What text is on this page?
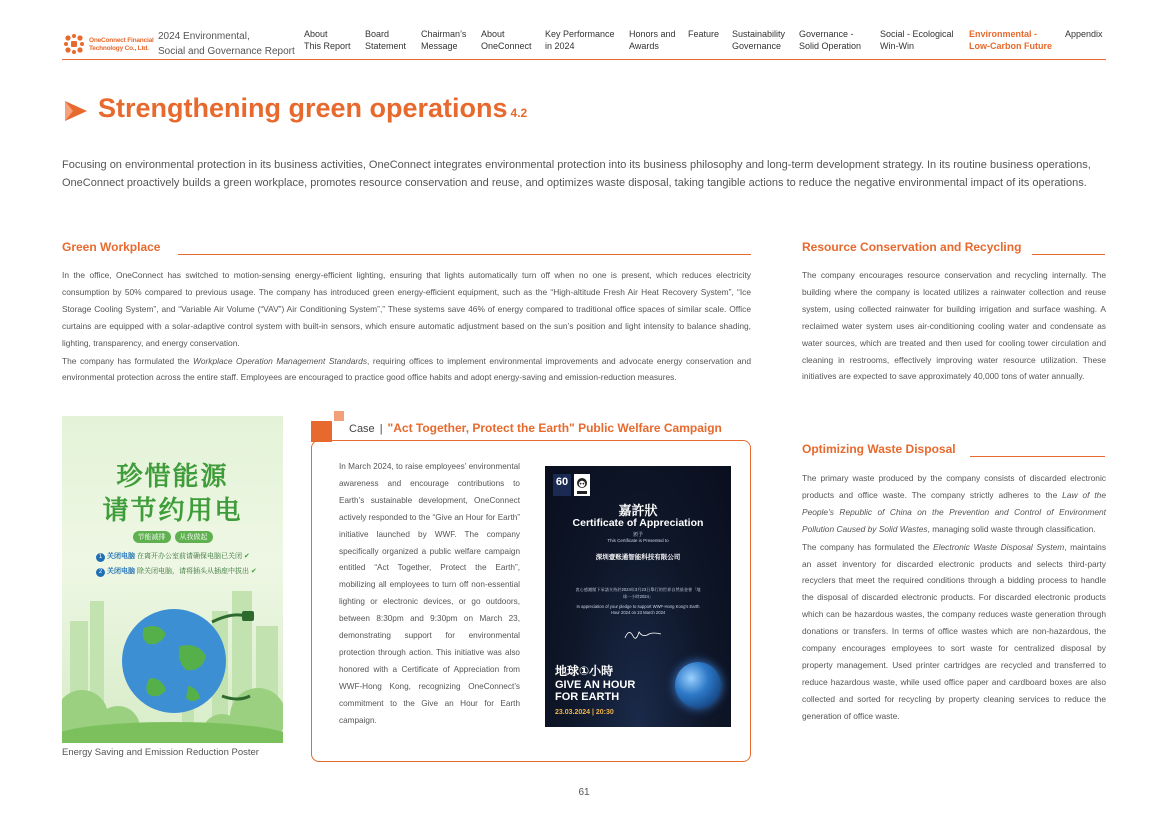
OneConnect Financial
Technology Co., Ltd.
2024 Environmental,
Social and Governance Report
About
This Report
Board
Statement
Chairman’s
Message
About
OneConnect
Key Performance
in 2024
Honors and
Awards
Feature Sustainability
Governance
Governance -
Solid Operation
Social - Ecological
Win-Win
Environmental -
Low-Carbon Future
Appendix
Strengthening green operations 4.2
Focusing on environmental protection in its business activities, OneConnect integrates environmental protection into its business philosophy and long-term development strategy. In its routine business operations, OneConnect proactively builds a green workplace, promotes resource conservation and reuse, and optimizes waste disposal, taking tangible actions to reduce the negative environmental impact of its operations.
Green Workplace

In the office, OneConnect has switched to motion-sensing energy-efficient lighting, ensuring that lights automatically turn off when no one is present, which reduces electricity consumption by 50% compared to previous usage. The company has introduced green energy-efficient equipment, such as the “High-altitude Fresh Air Heat Recovery System”, “Ice Storage Cooling System”, and “Variable Air Volume (“VAV”) Air Conditioning System”,” These systems save 46% of energy compared to traditional office spaces of similar scale. Office curtains are equipped with a solar-adaptive control system with built-in sensors, which ensure automatic adjustment based on the sun’s position and light intensity to balance shading, lighting, transparency, and energy conservation.

The company has formulated the Workplace Operation Management Standards, requiring offices to implement environmental improvements and advocate energy conservation and environmental protection across the entire staff. Employees are encouraged to practice good office habits and adopt energy-saving and emission-reduction measures.

珍惜能源
请节约用电
节能减排 从我做起
1 关闭电脑 在离开办公室前请确保电脑已关闭 ✔
2 关闭电脑 除关闭电脑，请将插头从插座中拔出 ✔
Energy Saving and Emission Reduction Poster
Case | "Act Together, Protect the Earth" Public Welfare Campaign
In March 2024, to raise employees’ environmental awareness and encourage contributions to Earth’s sustainable development, OneConnect actively responded to the “Give an Hour for Earth” initiative launched by WWF. The company specifically organized a public welfare campaign entitled “Act Together, Protect the Earth”, mobilizing all employees to turn off non-essential lighting or electronic devices, or go outdoors, between 8:30pm and 9:30pm on March 23, demonstrating support for environmental protection through action. This initiative was also honored with a Certificate of Appreciation from WWF-Hong Kong, recognizing OneConnect’s commitment to the Give an Hour for Earth campaign.
60
嘉許狀
Certificate of Appreciation
頒予
This Certificate is Presented to
深圳壹账通智能科技有限公司
衷心感謝閣下承諾支持於2024年3月23日舉行的世界自然基金會「地球一小時2024」
In appreciation of your pledge to support WWF-Hong Kong's Earth Hour 2024 on 23 March 2024
地球①小時
GIVE AN HOUR
FOR EARTH
23.03.2024 | 20:30
Resource Conservation and Recycling
The company encourages resource conservation and recycling internally. The building where the company is located utilizes a rainwater collection and reuse system, using collected rainwater for building irrigation and surface washing. A reclaimed water system uses air-conditioning cooling water and condensate as water sources, which are treated and then used for cooling tower circulation and cleaning in restrooms, effectively improving water resource utilization. These initiatives are expected to save approximately 40,000 tons of water annually.
Optimizing Waste Disposal

The primary waste produced by the company consists of discarded electronic products and office waste. The company strictly adheres to the Law of the People’s Republic of China on the Prevention and Control of Environment Pollution Caused by Solid Wastes, managing solid waste through classification.

The company has formulated the Electronic Waste Disposal System, maintains an asset inventory for discarded electronic products and selects third-party recyclers that meet the required conditions through a bidding process to handle the disposal of discarded electronic products. For discarded electronic products which can be hazardous wastes, the company reduces waste generation through donations or transfers. In terms of office wastes which are non-hazardous, the company encourages employees to sort waste for centralized disposal by property management. Used printer cartridges are recycled and transferred to reduce hazardous waste, while used office paper and cardboard boxes are also collected and sorted for recycling by property cleaning services to reduce the generation of office waste.

61
